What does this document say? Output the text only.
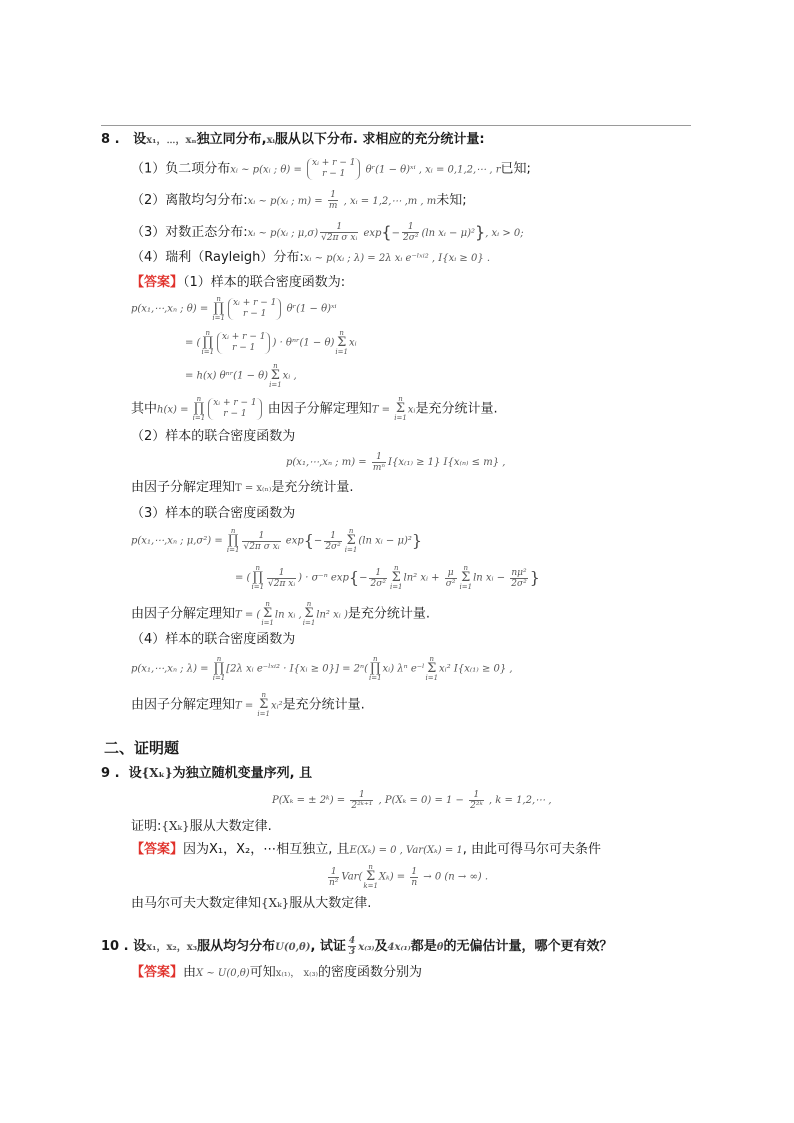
8 . 设x₁，⋯，xₙ独立同分布,xᵢ服从以下分布. 求相应的充分统计量:
（1）负二项分布xᵢ ~ p(xᵢ ; θ) =
xᵢ + r − 1
r − 1	θʳ(1 − θ)ˣⁱ , xᵢ = 0,1,2,⋯ , r已知;
（2）离散均匀分布:xᵢ ~ p(xᵢ ; $m) = \frac{1}{m}$ , xᵢ = 1,2,⋯ ,m , m未知;
（3）对数正态分布:xᵢ ~ p(xᵢ ; $\mu,\sigma) \frac{1}{\text{√2π σ xᵢ}} \exp\{- \frac{1}{\text{2σ²}} (\ln$ xᵢ − μ)²}, xᵢ > 0;
（4）瑞利（Rayleigh）分布:xᵢ ~ p(xᵢ ; λ) = 2λ xᵢ e⁻ˡˣⁱ² , I{xᵢ ≥ 0} .
【答案】（1）样本的联合密度函数为:
p(x₁,⋯,xₙ ; θ) = n
∏
i=1
xᵢ + r − 1
r − 1	θʳ(1 − θ)ˣⁱ
= (n
∏
i=1
xᵢ + r − 1
r − 1	) · θⁿʳ(1 − θ)n
Σ
i=1xᵢ
= h(x) θⁿʳ(1 − θ)n
Σ
i=1xᵢ ,
其中h(x) = n
∏
i=1
xᵢ + r − 1
r − 1	由因子分解定理知T = n
Σ
i=1xᵢ是充分统计量.
（2）样本的联合密度函数为
p(x₁,⋯,xₙ ; $m) = \frac{1}{\text{mⁿ}} I\{x_{(1)} \ge 1\} I\{x_{(n)} \le m\}$ ,
由因子分解定理知T = x₍ₙ₎是充分统计量.
（3）样本的联合密度函数为
p(x₁,⋯,xₙ ; μ,σ²) = n
∏
$i=1 \frac{1}{\text{√2π σ xᵢ}} \exp\{- \frac{1}{\text{2σ²}}$ n
Σ
i=1(ln xᵢ − μ)²}
= (n
∏
$i=1 \frac{1}{\text{√2π xᵢ}}$ ) · σ⁻ⁿ $\exp\{- \frac{1}{\text{2σ²}}$ n
Σ
i=1ln² xᵢ + $\frac{\mu}{\text{σ²}}$ n
Σ
i=1ln xᵢ − $\frac{\text{nμ²}}{\text{2σ²}}$ }
由因子分解定理知T = (n
Σ
i=1ln xᵢ ,n
Σ
i=1ln² xᵢ )是充分统计量.
（4）样本的联合密度函数为
p(x₁,⋯,xₙ ; λ) = n
∏
i=1[2λ xᵢ e⁻ˡˣⁱ² · I{xᵢ ≥ 0}] = 2ⁿ(n
∏
i=1xᵢ) λⁿ e⁻ˡn
Σ
i=1xᵢ² I{x₍₁₎ ≥ 0} ,
由因子分解定理知T = n
Σ
i=1xᵢ²是充分统计量.
二、证明题
9 . 设{Xₖ}为独立随机变量序列, 且
P(Xₖ = ± 2ᵏ) = $\frac{1}{\text{2²ᵏ⁺¹}}$ , $P(X_k = 0) = 1 - \frac{1}{\text{2²ᵏ}}$ , k = 1,2,⋯ ,
证明:{Xₖ}服从大数定律.
【答案】因为X₁，X₂，⋯相互独立, 且E(Xₖ) = 0 , Var(Xₖ) = 1, 由此可得马尔可夫条件
$\frac{1}{\text{n²}} Var(n$
Σ
$k=1X_k) = \frac{1}{n} \to 0$ (n → ∞) .
由马尔可夫大数定律知{Xₖ}服从大数定律.
10 . 设x₁，x₂，x₃服从均匀分布U(0,θ), 试证 $\frac{4}{3} x_{(3)}$及4x₍₁₎都是θ的无偏估计量，哪个更有效？
【答案】由X ~ U(0,θ)可知x₍₁₎， x₍₃₎的密度函数分别为
